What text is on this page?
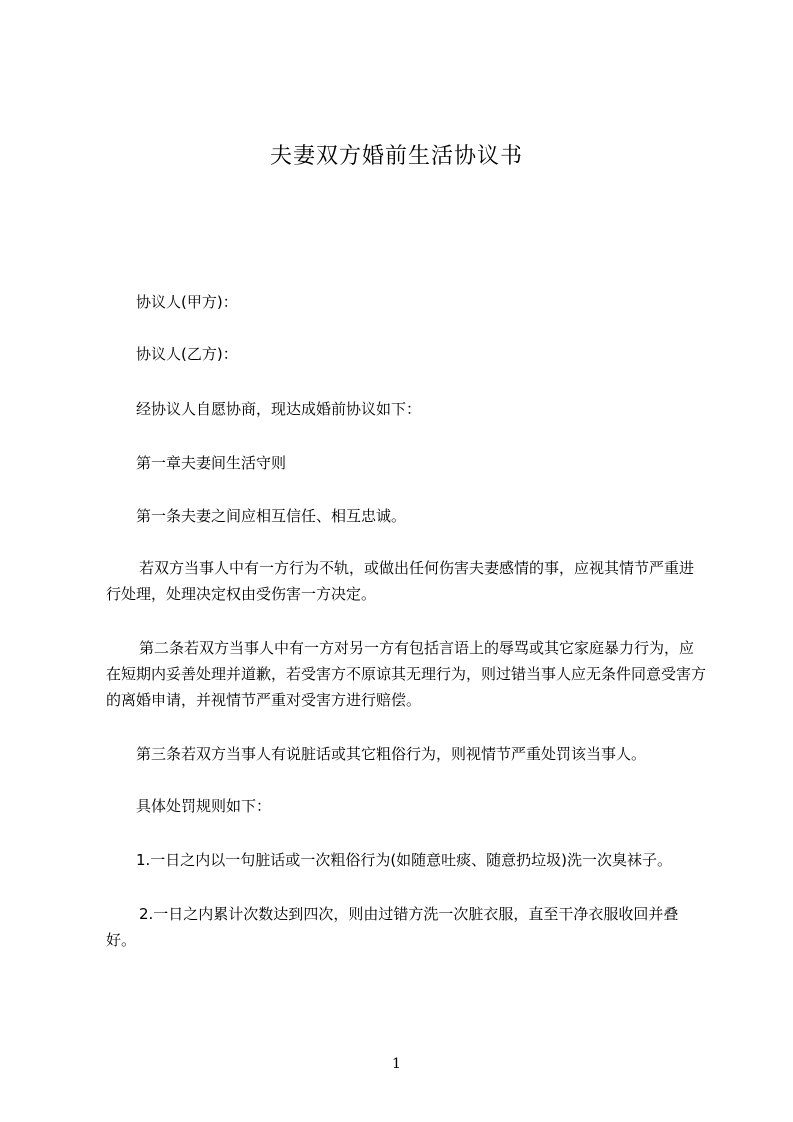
夫妻双方婚前生活协议书

协议人(甲方)：

协议人(乙方)：

经协议人自愿协商，现达成婚前协议如下：

第一章夫妻间生活守则

第一条夫妻之间应相互信任、相互忠诚。

若双方当事人中有一方行为不轨，或做出任何伤害夫妻感情的事，应视其情节严重进行处理，处理决定权由受伤害一方决定。

第二条若双方当事人中有一方对另一方有包括言语上的辱骂或其它家庭暴力行为，应在短期内妥善处理并道歉，若受害方不原谅其无理行为，则过错当事人应无条件同意受害方的离婚申请，并视情节严重对受害方进行赔偿。

第三条若双方当事人有说脏话或其它粗俗行为，则视情节严重处罚该当事人。

具体处罚规则如下：

1.一日之内以一句脏话或一次粗俗行为(如随意吐痰、随意扔垃圾)洗一次臭袜子。

2.一日之内累计次数达到四次，则由过错方洗一次脏衣服，直至干净衣服收回并叠好。

1
